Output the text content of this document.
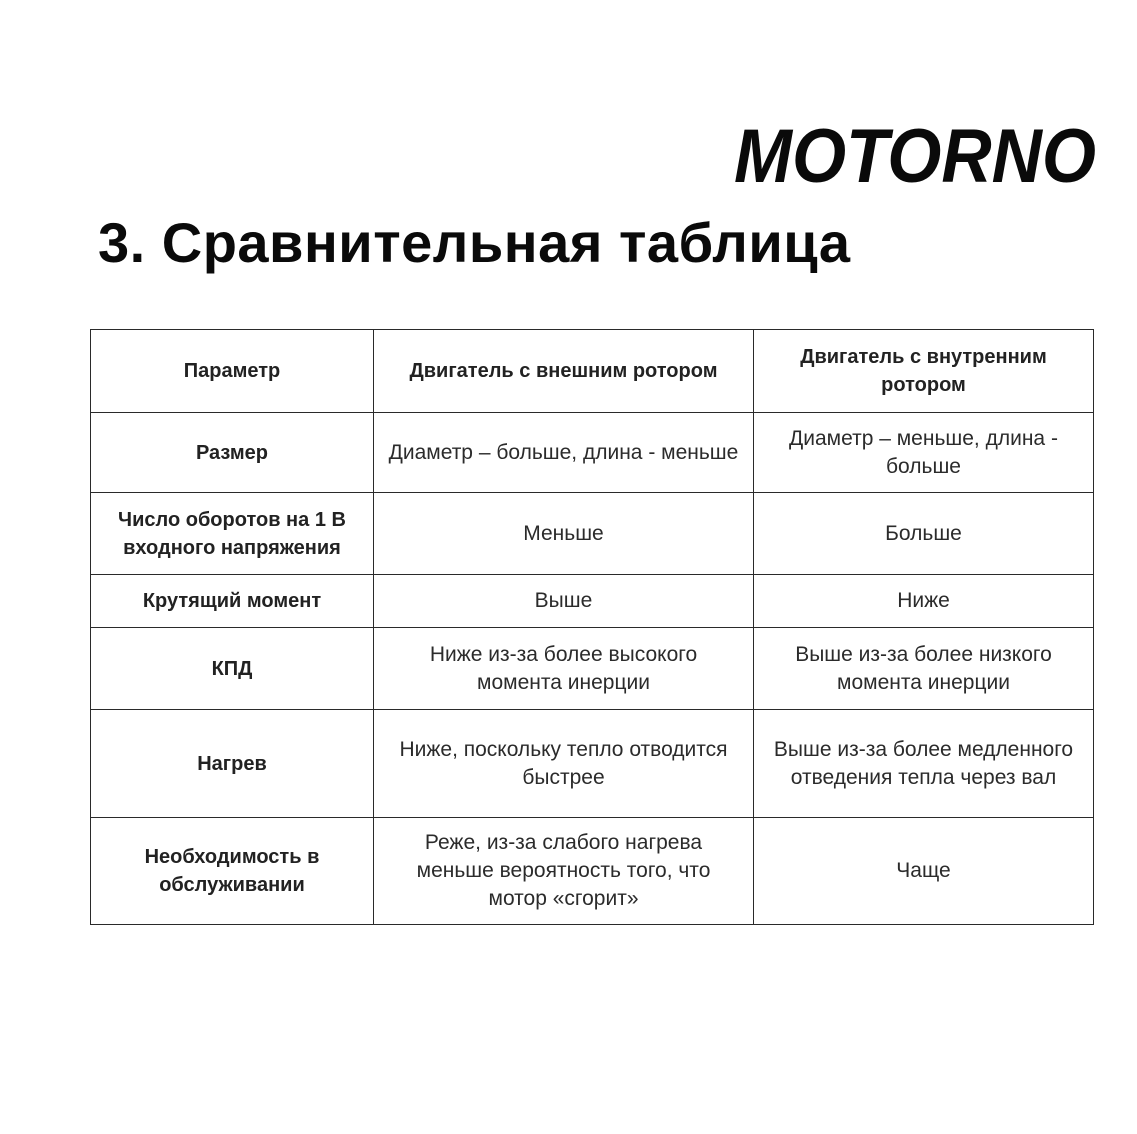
MOTORNO
3. Сравнительная таблица
Параметр	Двигатель с внешним ротором	Двигатель с внутренним ротором
Размер	Диаметр – больше, длина - меньше	Диаметр – меньше, длина - больше
Число оборотов на 1 В входного напряжения	Меньше	Больше
Крутящий момент	Выше	Ниже
КПД	Ниже из-за более высокого момента инерции	Выше из-за более низкого момента инерции
Нагрев	Ниже, поскольку тепло отводится быстрее	Выше из-за более медленного отведения тепла через вал
Необходимость в обслуживании	Реже, из-за слабого нагрева меньше вероятность того, что мотор «сгорит»	Чаще
